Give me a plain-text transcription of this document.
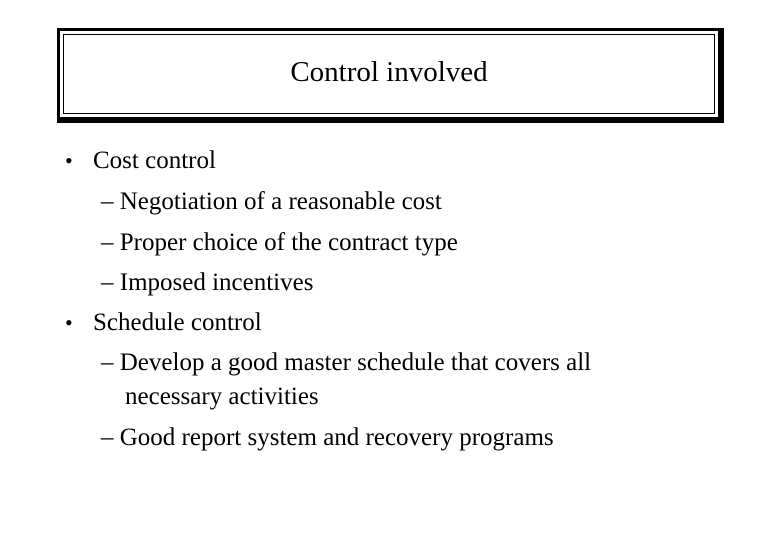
Control involved
• Cost control
– Negotiation of a reasonable cost
– Proper choice of the contract type
– Imposed incentives
• Schedule control
– Develop a good master schedule that covers all
necessary activities
– Good report system and recovery programs
